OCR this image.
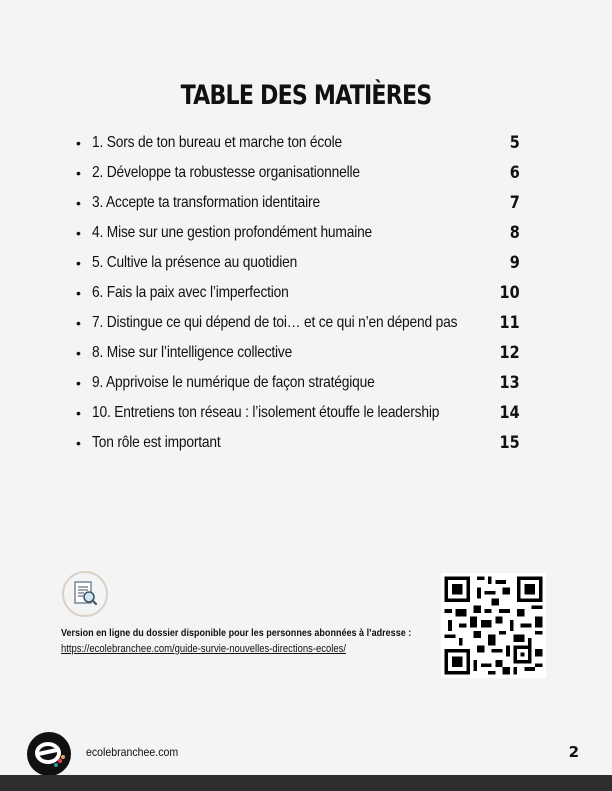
TABLE DES MATIÈRES
• 1. Sors de ton bureau et marche ton école	5
• 2. Développe ta robustesse organisationnelle	6
• 3. Accepte ta transformation identitaire	7
• 4. Mise sur une gestion profondément humaine	8
• 5. Cultive la présence au quotidien	9
• 6. Fais la paix avec l’imperfection	10
• 7. Distingue ce qui dépend de toi… et ce qui n’en dépend pas	11
• 8. Mise sur l’intelligence collective	12
• 9. Apprivoise le numérique de façon stratégique	13
• 10. Entretiens ton réseau : l’isolement étouffe le leadership	14
• Ton rôle est important	15
Version en ligne du dossier disponible pour les personnes abonnées à l’adresse :
https://ecolebranchee.com/guide-survie-nouvelles-directions-ecoles/
ecolebranchee.com	2
